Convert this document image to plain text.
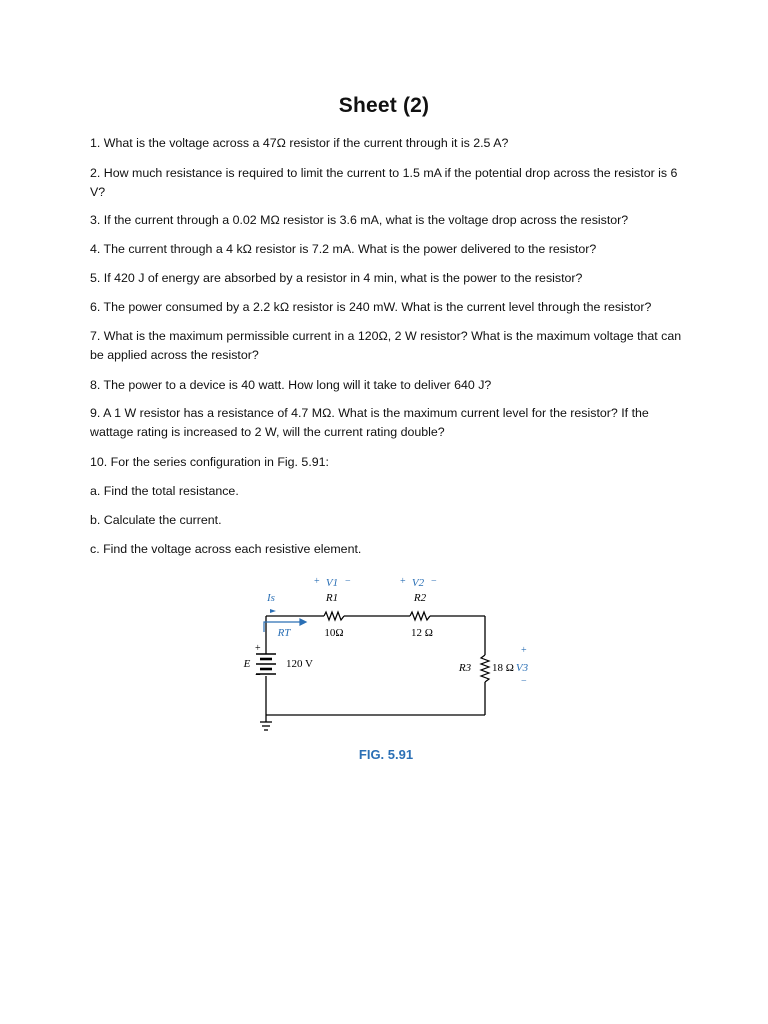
Sheet (2)
1. What is the voltage across a 47Ω resistor if the current through it is 2.5 A?
2. How much resistance is required to limit the current to 1.5 mA if the potential drop across the resistor is 6 V?
3. If the current through a 0.02 MΩ resistor is 3.6 mA, what is the voltage drop across the resistor?
4. The current through a 4 kΩ resistor is 7.2 mA. What is the power delivered to the resistor?
5. If 420 J of energy are absorbed by a resistor in 4 min, what is the power to the resistor?
6. The power consumed by a 2.2 kΩ resistor is 240 mW. What is the current level through the resistor?
7. What is the maximum permissible current in a 120Ω, 2 W resistor? What is the maximum voltage that can be applied across the resistor?
8. The power to a device is 40 watt. How long will it take to deliver 640 J?
9. A 1 W resistor has a resistance of 4.7 MΩ. What is the maximum current level for the resistor? If the wattage rating is increased to 2 W, will the current rating double?
10. For the series configuration in Fig. 5.91:
a. Find the total resistance.
b. Calculate the current.
c. Find the voltage across each resistive element.
+	−	+	−
+
−
+
−
V1	V2
R1	R2
10Ω	12 Ω
Is
RT
E	120 V	R3 18 Ω V3
FIG. 5.91
